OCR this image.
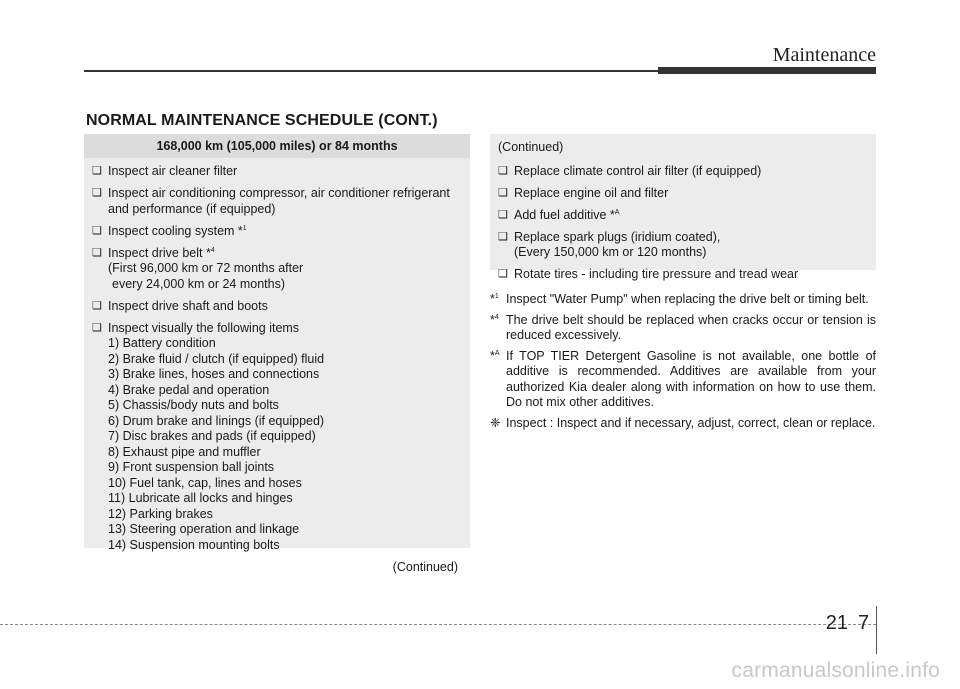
Maintenance
NORMAL MAINTENANCE SCHEDULE (CONT.)
168,000 km (105,000 miles) or 84 months
❑ Inspect air cleaner filter
❑ Inspect air conditioning compressor, air conditioner refrigerant and performance (if equipped)
❑ Inspect cooling system *$^1$
❑ Inspect drive belt *$^4$
(First 96,000 km or 72 months after
every 24,000 km or 24 months)
❑ Inspect drive shaft and boots
❑ Inspect visually the following items
1) Battery condition
2) Brake fluid / clutch (if equipped) fluid
3) Brake lines, hoses and connections
4) Brake pedal and operation
5) Chassis/body nuts and bolts
6) Drum brake and linings (if equipped)
7) Disc brakes and pads (if equipped)
8) Exhaust pipe and muffler
9) Front suspension ball joints
10) Fuel tank, cap, lines and hoses
11) Lubricate all locks and hinges
12) Parking brakes
13) Steering operation and linkage
14) Suspension mounting bolts
(Continued)
(Continued)
❑ Replace climate control air filter (if equipped)
❑ Replace engine oil and filter
❑ Add fuel additive *$^A$
❑ Replace spark plugs (iridium coated),
(Every 150,000 km or 120 months)
❑ Rotate tires - including tire pressure and tread wear
*$^1$ Inspect "Water Pump" when replacing the drive belt or timing belt.
*$^4$ The drive belt should be replaced when cracks occur or tension is reduced excessively.
*$^A$ If TOP TIER Detergent Gasoline is not available, one bottle of additive is recommended. Additives are available from your authorized Kia dealer along with information on how to use them. Do not mix other additives.
❈ Inspect : Inspect and if necessary, adjust, correct, clean or replace.
7
21
carmanualsonline.info
